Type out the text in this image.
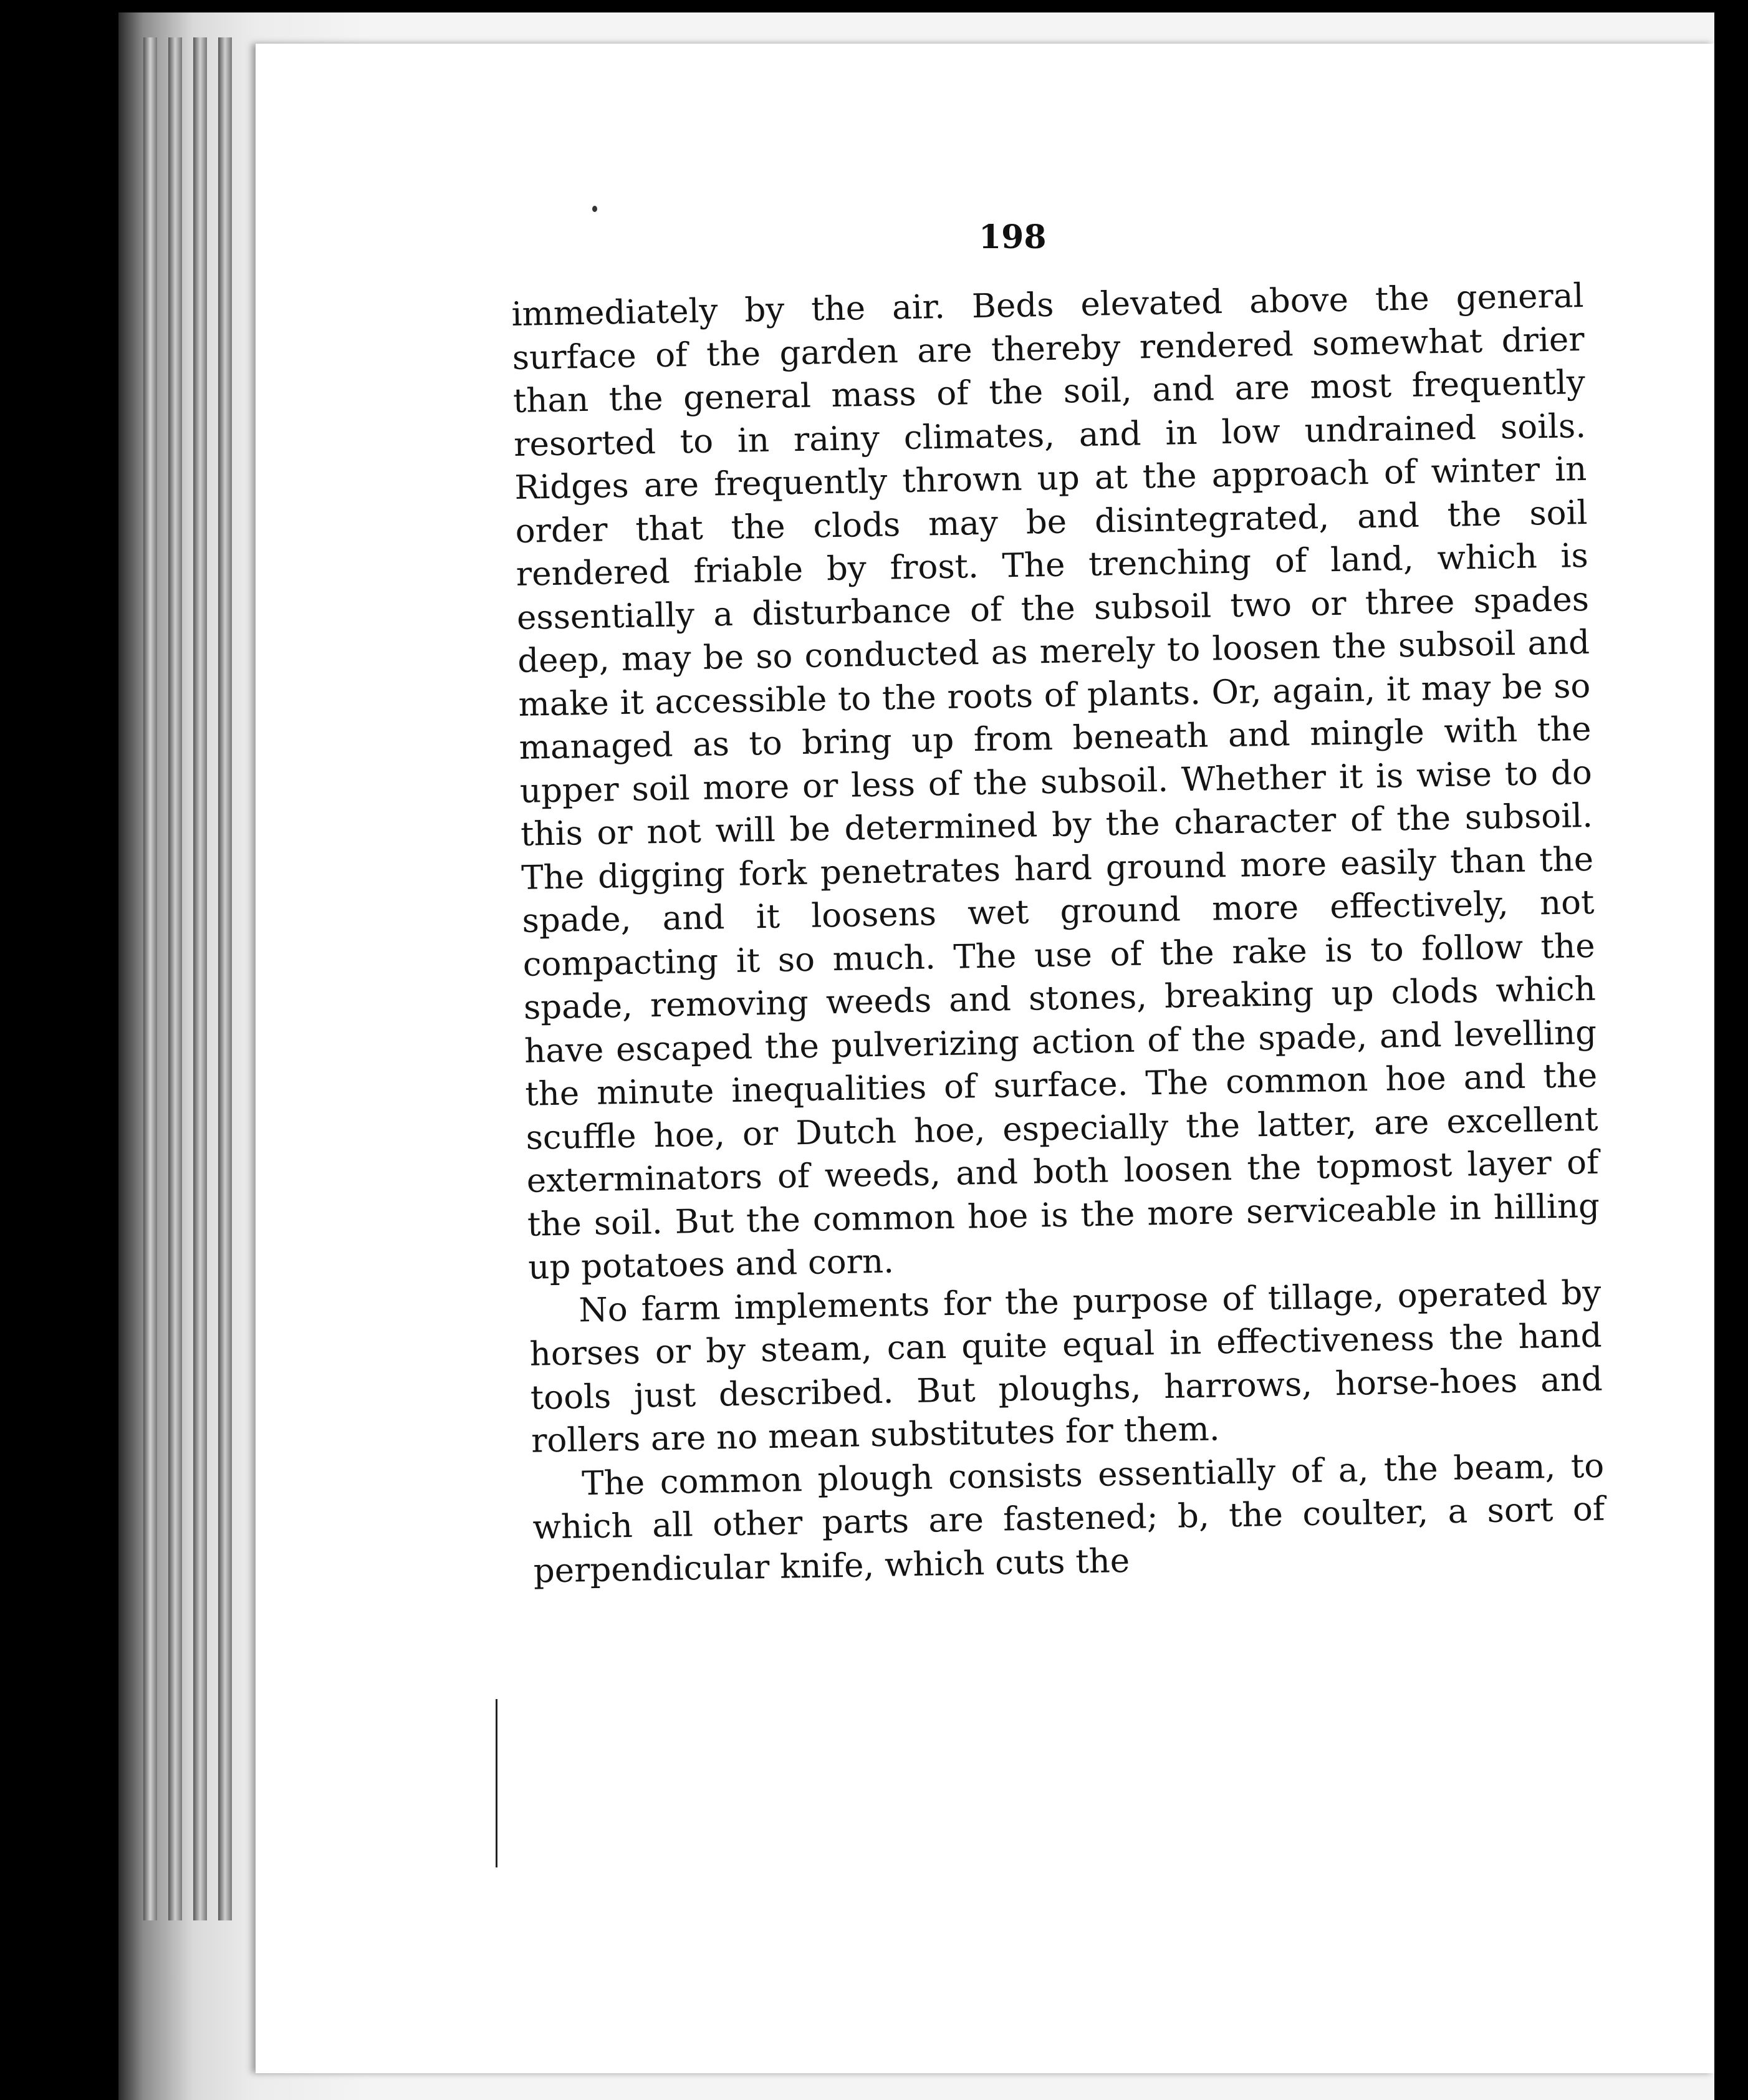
198

immediately by the air. Beds elevated above the general surface of the garden are thereby rendered somewhat drier than the general mass of the soil, and are most frequently resorted to in rainy climates, and in low undrained soils. Ridges are frequently thrown up at the approach of winter in order that the clods may be disintegrated, and the soil rendered friable by frost. The trenching of land, which is essentially a disturbance of the subsoil two or three spades deep, may be so conducted as merely to loosen the subsoil and make it accessible to the roots of plants. Or, again, it may be so managed as to bring up from beneath and mingle with the upper soil more or less of the subsoil. Whether it is wise to do this or not will be determined by the character of the subsoil. The digging fork penetrates hard ground more easily than the spade, and it loosens wet ground more effectively, not compacting it so much. The use of the rake is to follow the spade, removing weeds and stones, breaking up clods which have escaped the pulverizing action of the spade, and levelling the minute inequalities of surface. The common hoe and the scuffle hoe, or Dutch hoe, especially the latter, are excellent exterminators of weeds, and both loosen the topmost layer of the soil. But the common hoe is the more serviceable in hilling up potatoes and corn.

No farm implements for the purpose of tillage, operated by horses or by steam, can quite equal in effectiveness the hand tools just described. But ploughs, harrows, horse-hoes and rollers are no mean substitutes for them.

The common plough consists essentially of a, the beam, to which all other parts are fastened; b, the coulter, a sort of perpendicular knife, which cuts the
